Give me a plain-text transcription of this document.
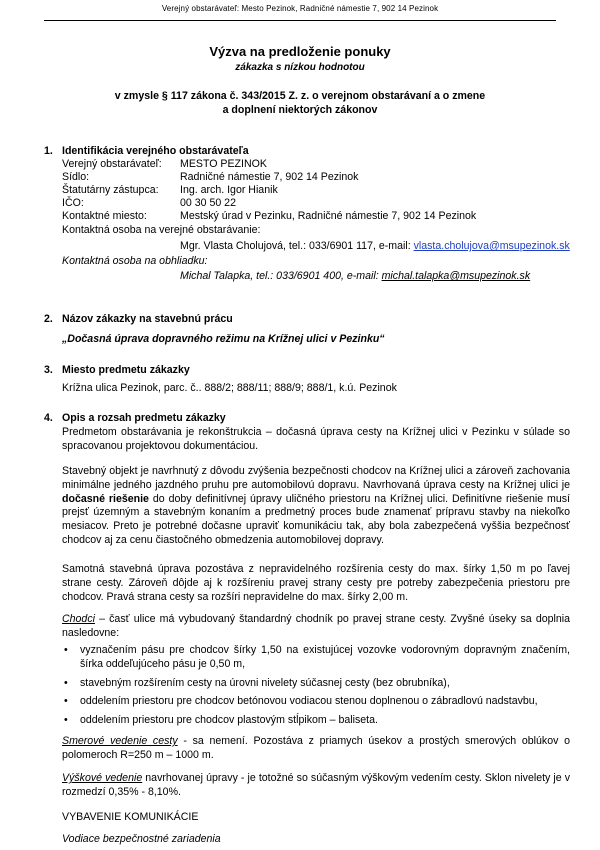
Verejný obstarávateľ: Mesto Pezinok, Radničné námestie 7, 902 14 Pezinok
Výzva na predloženie ponuky
zákazka s nízkou hodnotou
v zmysle § 117 zákona č. 343/2015 Z. z. o verejnom obstarávaní a o zmene
a doplnení niektorých zákonov
1. Identifikácia verejného obstarávateľa
Verejný obstarávateľ: MESTO PEZINOK
Sídlo:	Radničné námestie 7, 902 14 Pezinok
Štatutárny zástupca: Ing. arch. Igor Hianik
IČO:	00 30 50 22
Kontaktné miesto:	Mestský úrad v Pezinku, Radničné námestie 7, 902 14 Pezinok
Kontaktná osoba na verejné obstarávanie:
Mgr. Vlasta Cholujová, tel.: 033/6901 117, e-mail: vlasta.cholujova@msupezinok.sk
Kontaktná osoba na obhliadku:
Michal Talapka, tel.: 033/6901 400, e-mail: michal.talapka@msupezinok.sk
2. Názov zákazky na stavebnú prácu
„Dočasná úprava dopravného režimu na Krížnej ulici v Pezinku“
3. Miesto predmetu zákazky
Krížna ulica Pezinok, parc. č.. 888/2; 888/11; 888/9; 888/1, k.ú. Pezinok
4. Opis a rozsah predmetu zákazky
Predmetom obstarávania je rekonštrukcia – dočasná úprava cesty na Krížnej ulici v Pezinku v súlade so spracovanou projektovou dokumentáciou.
Stavebný objekt je navrhnutý z dôvodu zvýšenia bezpečnosti chodcov na Krížnej ulici a zároveň zachovania minimálne jedného jazdného pruhu pre automobilovú dopravu. Navrhovaná úprava cesty na Krížnej ulici je dočasné riešenie do doby definitívnej úpravy uličného priestoru na Krížnej ulici. Definitívne riešenie musí prejsť územným a stavebným konaním a predmetný proces bude znamenať prípravu stavby na niekoľko mesiacov. Preto je potrebné dočasne upraviť komunikáciu tak, aby bola zabezpečená vyššia bezpečnosť chodcov aj za cenu čiastočného obmedzenia automobilovej dopravy.
Samotná stavebná úprava pozostáva z nepravidelného rozšírenia cesty do max. šírky 1,50 m po ľavej strane cesty. Zároveň dôjde aj k rozšíreniu pravej strany cesty pre potreby zabezpečenia priestoru pre chodcov. Pravá strana cesty sa rozšíri nepravidelne do max. šírky 2,00 m.
Chodci – časť ulice má vybudovaný štandardný chodník po pravej strane cesty. Zvyšné úseky sa doplnia nasledovne:
• vyznačením pásu pre chodcov šírky 1,50 na existujúcej vozovke vodorovným dopravným značením, šírka oddeľujúceho pásu je 0,50 m,
• stavebným rozšírením cesty na úrovni nivelety súčasnej cesty (bez obrubníka),
• oddelením priestoru pre chodcov betónovou vodiacou stenou doplnenou o zábradlovú nadstavbu,
• oddelením priestoru pre chodcov plastovým stĺpikom – baliseta.
Smerové vedenie cesty - sa nemení. Pozostáva z priamych úsekov a prostých smerových oblúkov o polomeroch R=250 m – 1000 m.
Výškové vedenie navrhovanej úpravy - je totožné so súčasným výškovým vedením cesty. Sklon nivelety je v rozmedzí 0,35% - 8,10%.
VYBAVENIE KOMUNIKÁCIE
Vodiace bezpečnostné zariadenia
